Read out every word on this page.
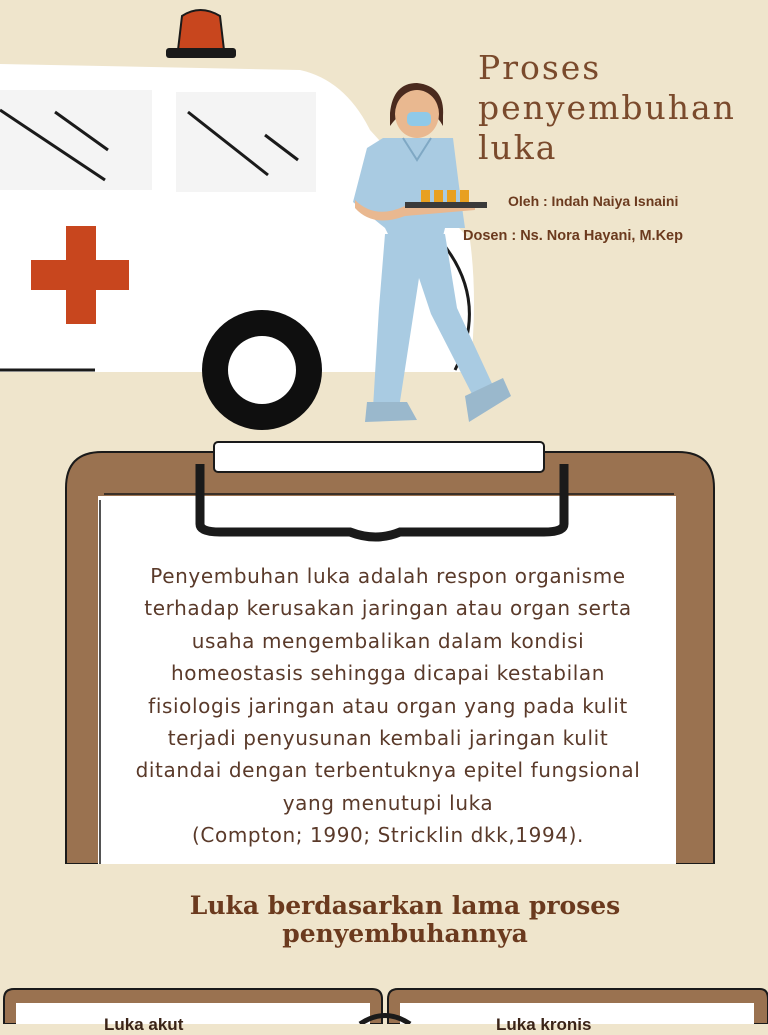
Proses
penyembuhan
luka
Oleh : Indah Naiya Isnaini
Dosen : Ns. Nora Hayani, M.Kep

Penyembuhan luka adalah respon organisme

terhadap kerusakan jaringan atau organ serta

usaha mengembalikan dalam kondisi

homeostasis sehingga dicapai kestabilan

fisiologis jaringan atau organ yang pada kulit

terjadi penyusunan kembali jaringan kulit

ditandai dengan terbentuknya epitel fungsional

yang menutupi luka

(Compton; 1990; Stricklin dkk,1994).

Luka berdasarkan lama proses
penyembuhannya
Luka akut	Luka kronis
